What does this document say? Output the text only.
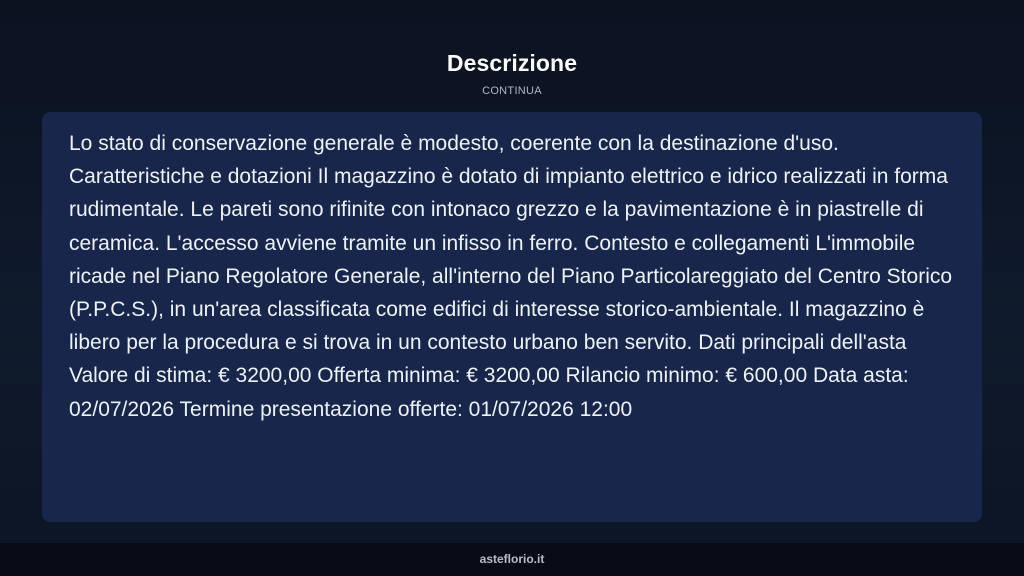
Descrizione
CONTINUA

Lo stato di conservazione generale è modesto, coerente con la destinazione d'uso. Caratteristiche e dotazioni Il magazzino è dotato di impianto elettrico e idrico realizzati in forma rudimentale. Le pareti sono rifinite con intonaco grezzo e la pavimentazione è in piastrelle di ceramica. L'accesso avviene tramite un infisso in ferro. Contesto e collegamenti L'immobile ricade nel Piano Regolatore Generale, all'interno del Piano Particolareggiato del Centro Storico (P.P.C.S.), in un'area classificata come edifici di interesse storico-ambientale. Il magazzino è libero per la procedura e si trova in un contesto urbano ben servito. Dati principali dell'asta Valore di stima: € 3200,00 Offerta minima: € 3200,00 Rilancio minimo: € 600,00 Data asta: 02/07/2026 Termine presentazione offerte: 01/07/2026 12:00

asteflorio.it
